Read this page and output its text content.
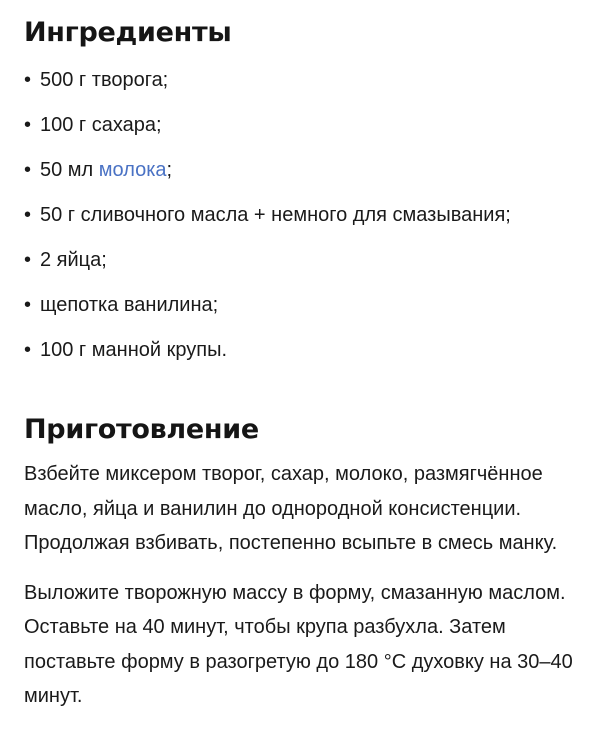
Ингредиенты
• 500 г творога;
• 100 г сахара;
• 50 мл молока;
• 50 г сливочного масла + немного для смазывания;
• 2 яйца;
• щепотка ванилина;
• 100 г манной крупы.
Приготовление

Взбейте миксером творог, сахар, молоко, размягчённое масло, яйца и ванилин до однородной консистенции. Продолжая взбивать, постепенно всыпьте в смесь манку.

Выложите творожную массу в форму, смазанную маслом. Оставьте на 40 минут, чтобы крупа разбухла. Затем поставьте форму в разогретую до 180 °С духовку на 30–40 минут.
